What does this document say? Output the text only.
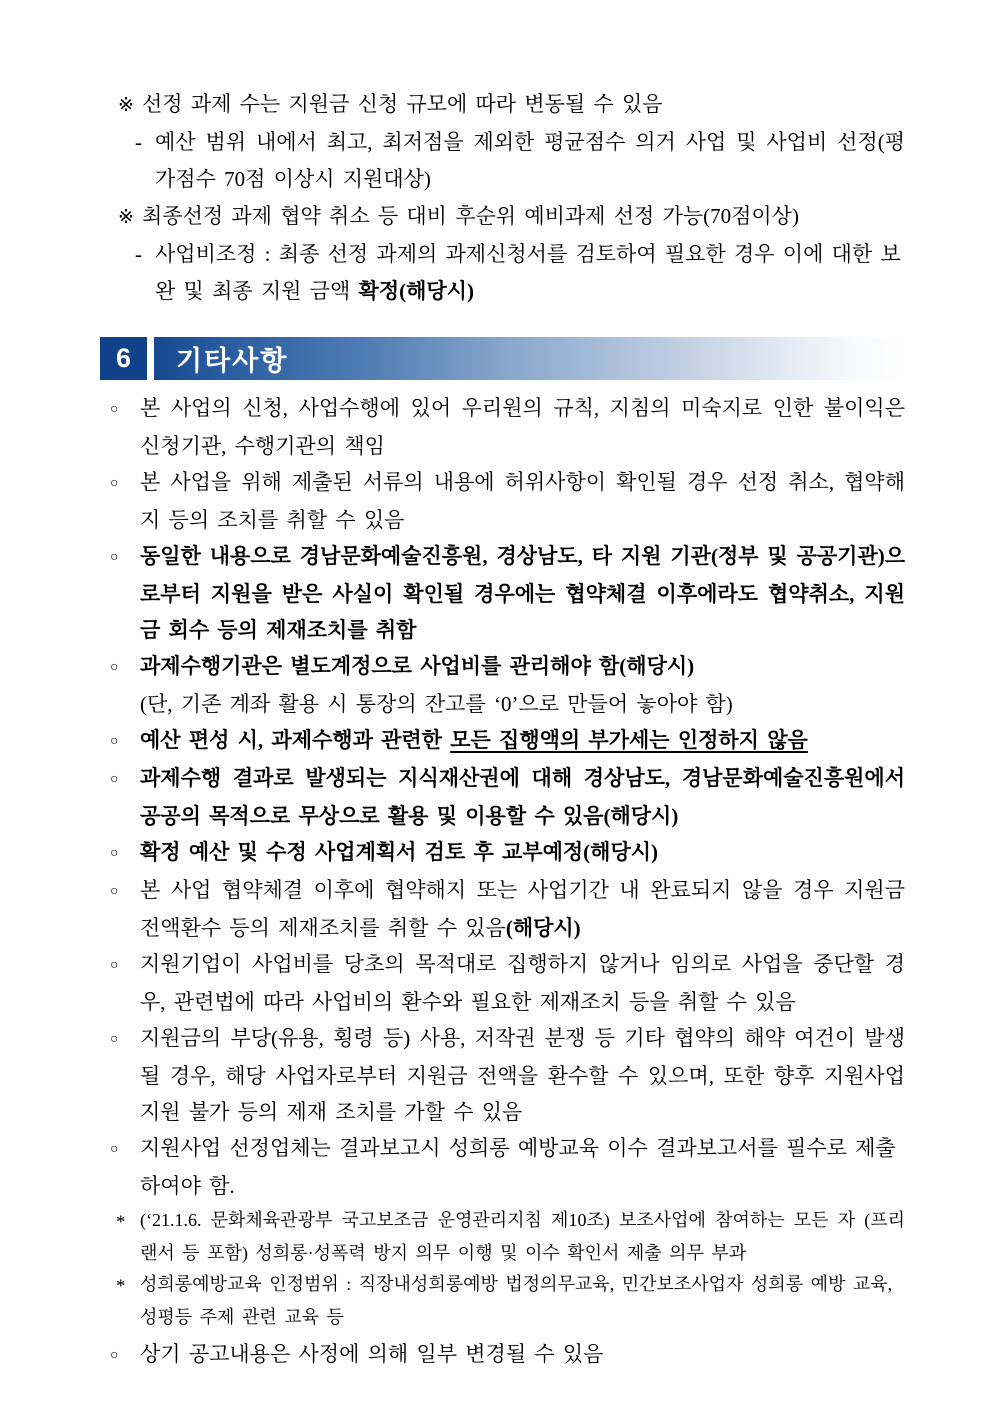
※ 선정 과제 수는 지원금 신청 규모에 따라 변동될 수 있음
- 예산 범위 내에서 최고, 최저점을 제외한 평균점수 의거 사업 및 사업비 선정(평가점수 70점 이상시 지원대상)
※ 최종선정 과제 협약 취소 등 대비 후순위 예비과제 선정 가능(70점이상)
- 사업비조정 : 최종 선정 과제의 과제신청서를 검토하여 필요한 경우 이에 대한 보완 및 최종 지원 금액 확정(해당시)
6	기타사항
○ 본 사업의 신청, 사업수행에 있어 우리원의 규칙, 지침의 미숙지로 인한 불이익은 신청기관, 수행기관의 책임
○ 본 사업을 위해 제출된 서류의 내용에 허위사항이 확인될 경우 선정 취소, 협약해지 등의 조치를 취할 수 있음
○ 동일한 내용으로 경남문화예술진흥원, 경상남도, 타 지원 기관(정부 및 공공기관)으로부터 지원을 받은 사실이 확인될 경우에는 협약체결 이후에라도 협약취소, 지원금 회수 등의 제재조치를 취함
○ 과제수행기관은 별도계정으로 사업비를 관리해야 함(해당시)
(단, 기존 계좌 활용 시 통장의 잔고를 ‘0’으로 만들어 놓아야 함)
○ 예산 편성 시, 과제수행과 관련한 모든 집행액의 부가세는 인정하지 않음
○ 과제수행 결과로 발생되는 지식재산권에 대해 경상남도, 경남문화예술진흥원에서 공공의 목적으로 무상으로 활용 및 이용할 수 있음(해당시)
○ 확정 예산 및 수정 사업계획서 검토 후 교부예정(해당시)
○ 본 사업 협약체결 이후에 협약해지 또는 사업기간 내 완료되지 않을 경우 지원금 전액환수 등의 제재조치를 취할 수 있음(해당시)
○ 지원기업이 사업비를 당초의 목적대로 집행하지 않거나 임의로 사업을 중단할 경우, 관련법에 따라 사업비의 환수와 필요한 제재조치 등을 취할 수 있음
○ 지원금의 부당(유용, 횡령 등) 사용, 저작권 분쟁 등 기타 협약의 해약 여건이 발생될 경우, 해당 사업자로부터 지원금 전액을 환수할 수 있으며, 또한 향후 지원사업 지원 불가 등의 제재 조치를 가할 수 있음
○ 지원사업 선정업체는 결과보고시 성희롱 예방교육 이수 결과보고서를 필수로 제출하여야 함.
* (‘21.1.6. 문화체육관광부 국고보조금 운영관리지침 제10조) 보조사업에 참여하는 모든 자 (프리랜서 등 포함) 성희롱·성폭력 방지 의무 이행 및 이수 확인서 제출 의무 부과
* 성희롱예방교육 인정범위 : 직장내성희롱예방 법정의무교육, 민간보조사업자 성희롱 예방 교육, 성평등 주제 관련 교육 등
○ 상기 공고내용은 사정에 의해 일부 변경될 수 있음
